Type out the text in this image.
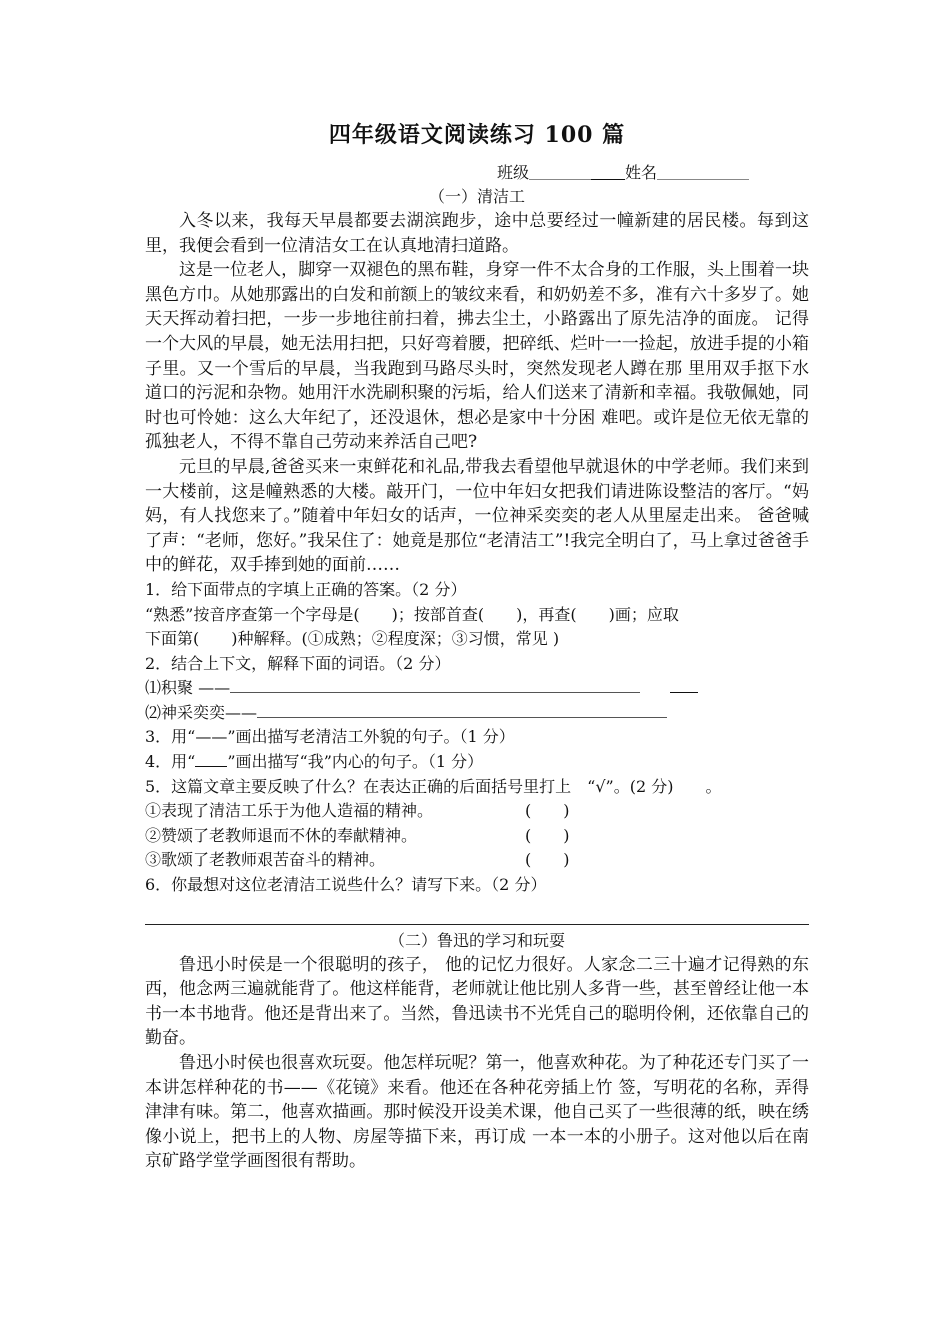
四年级语文阅读练习 100 篇
班级	姓名
（一）清洁工

入冬以来，我每天早晨都要去湖滨跑步，途中总要经过一幢新建的居民楼。每到这里，我便会看到一位清洁女工在认真地清扫道路。

这是一位老人，脚穿一双褪色的黑布鞋，身穿一件不太合身的工作服，头上围着一块黑色方巾。从她那露出的白发和前额上的皱纹来看，和奶奶差不多，准有六十多岁了。她天天挥动着扫把，一步一步地往前扫着，拂去尘土，小路露出了原先洁净的面庞。 记得一个大风的早晨，她无法用扫把，只好弯着腰，把碎纸、烂叶一一捡起，放进手提的小箱子里。又一个雪后的早晨，当我跑到马路尽头时，突然发现老人蹲在那 里用双手抠下水道口的污泥和杂物。她用汗水洗刷积聚的污垢，给人们送来了清新和幸福。我敬佩她，同时也可怜她：这么大年纪了，还没退休，想必是家中十分困 难吧。或许是位无依无靠的孤独老人，不得不靠自己劳动来养活自己吧?

元旦的早晨,爸爸买来一束鲜花和礼品,带我去看望他早就退休的中学老师。我们来到一大楼前，这是幢熟悉的大楼。敲开门，一位中年妇女把我们请进陈设整洁的客厅。“妈妈，有人找您来了。”随着中年妇女的话声，一位神采奕奕的老人从里屋走出来。 爸爸喊了声：“老师，您好。”我呆住了：她竟是那位“老清洁工”!我完全明白了，马上拿过爸爸手中的鲜花，双手捧到她的面前……

1．给下面带点的字填上正确的答案。（2 分）

“熟悉”按音序查第一个字母是(　　)；按部首查(　　)，再查(　　)画；应取

下面第(　　)种解释。(①成熟；②程度深；③习惯，常见 )

2．结合上下文，解释下面的词语。（2 分）

⑴积聚 ——

⑵神采奕奕——

3．用“——”画出描写老清洁工外貌的句子。（1 分）

4．用“ ”画出描写“我”内心的句子。（1 分）

5．这篇文章主要反映了什么？在表达正确的后面括号里打上　“√”。(2 分)　　。

①表现了清洁工乐于为他人造福的精神。	(　　)
②赞颂了老教师退而不休的奉献精神。	(　　)
③歌颂了老教师艰苦奋斗的精神。	(　　)

6．你最想对这位老清洁工说些什么？请写下来。（2 分）

（二）鲁迅的学习和玩耍

鲁迅小时侯是一个很聪明的孩子， 他的记忆力很好。人家念二三十遍才记得熟的东西，他念两三遍就能背了。他这样能背，老师就让他比别人多背一些，甚至曾经让他一本书一本书地背。他还是背出来了。当然，鲁迅读书不光凭自己的聪明伶俐，还依靠自己的勤奋。

鲁迅小时侯也很喜欢玩耍。他怎样玩呢？第一，他喜欢种花。为了种花还专门买了一本讲怎样种花的书——《花镜》来看。他还在各种花旁插上竹 签，写明花的名称，弄得津津有味。第二，他喜欢描画。那时候没开设美术课，他自己买了一些很薄的纸，映在绣像小说上，把书上的人物、房屋等描下来，再订成 一本一本的小册子。这对他以后在南京矿路学堂学画图很有帮助。
